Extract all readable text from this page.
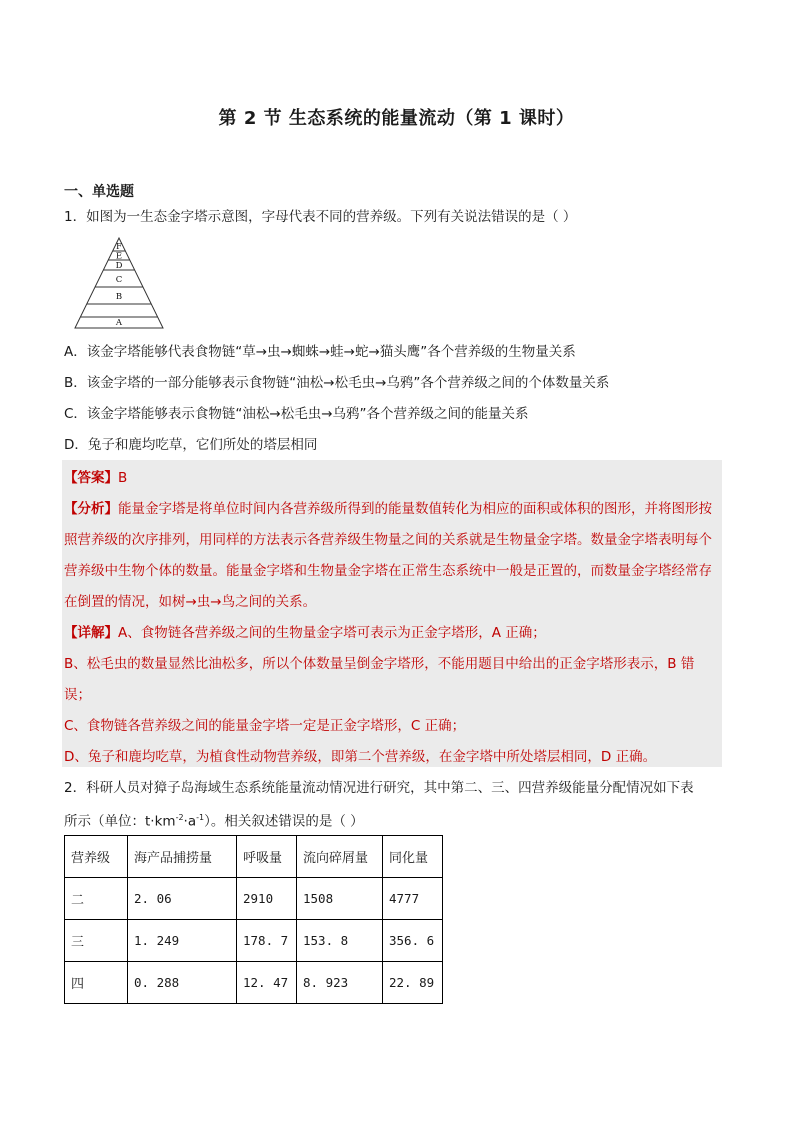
第 2 节 生态系统的能量流动（第 1 课时）
一、单选题
1．如图为一生态金字塔示意图，字母代表不同的营养级。下列有关说法错误的是（ ）
F
E
D
C
B
A
A．该金字塔能够代表食物链“草→虫→蜘蛛→蛙→蛇→猫头鹰”各个营养级的生物量关系
B．该金字塔的一部分能够表示食物链“油松→松毛虫→乌鸦”各个营养级之间的个体数量关系
C．该金字塔能够表示食物链“油松→松毛虫→乌鸦”各个营养级之间的能量关系
D．兔子和鹿均吃草，它们所处的塔层相同
【答案】B
【分析】能量金字塔是将单位时间内各营养级所得到的能量数值转化为相应的面积或体积的图形，并将图形按照营养级的次序排列，用同样的方法表示各营养级生物量之间的关系就是生物量金字塔。数量金字塔表明每个营养级中生物个体的数量。能量金字塔和生物量金字塔在正常生态系统中一般是正置的，而数量金字塔经常存在倒置的情况，如树→虫→鸟之间的关系。
【详解】A、食物链各营养级之间的生物量金字塔可表示为正金字塔形，A 正确；
B、松毛虫的数量显然比油松多，所以个体数量呈倒金字塔形，不能用题目中给出的正金字塔形表示，B 错误；
C、食物链各营养级之间的能量金字塔一定是正金字塔形，C 正确；
D、兔子和鹿均吃草，为植食性动物营养级，即第二个营养级，在金字塔中所处塔层相同，D 正确。
2．科研人员对獐子岛海域生态系统能量流动情况进行研究，其中第二、三、四营养级能量分配情况如下表
所示（单位：$t\cdot km^{-2}\cdot a^{-1}$）。相关叙述错误的是（ ）
营养级	海产品捕捞量	呼吸量	流向碎屑量	同化量
二	2. 06	2910	1508	4777
三	1. 249	178. 7	153. 8	356. 6
四	0. 288	12. 47	8. 923	22. 89
